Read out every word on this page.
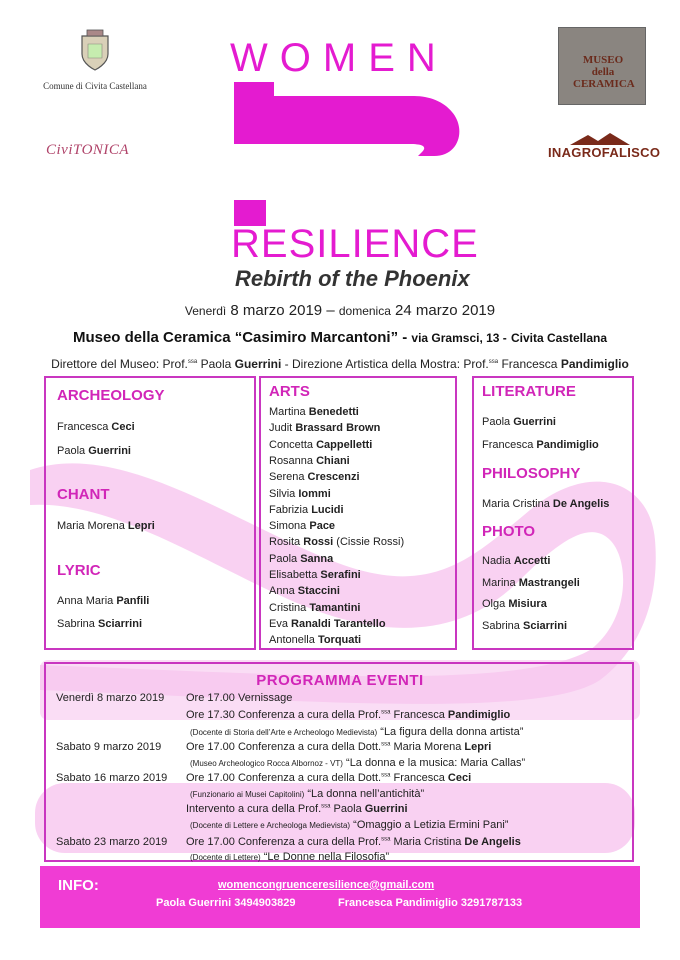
Comune di Civita Castellana
CiviTONICA
MUSEO della CERAMICA
INAGROFALISCO
WOMEN
RESILIENCE
Rebirth of the Phoenix
Venerdì 8 marzo 2019 – domenica 24 marzo 2019
Museo della Ceramica “Casimiro Marcantoni” - via Gramsci, 13 - Civita Castellana
Direttore del Museo: Prof.$^{ssa}$ Paola Guerrini - Direzione Artistica della Mostra: Prof.$^{ssa}$ Francesca Pandimiglio
ARCHEOLOGY
Francesca Ceci
Paola Guerrini
CHANT
Maria Morena Lepri
LYRIC
Anna Maria Panfili
Sabrina Sciarrini
ARTS
Martina Benedetti
Judit Brassard Brown
Concetta Cappelletti
Rosanna Chiani
Serena Crescenzi
Silvia Iommi
Fabrizia Lucidi
Simona Pace
Rosita Rossi (Cissie Rossi)
Paola Sanna
Elisabetta Serafini
Anna Staccini
Cristina Tamantini
Eva Ranaldi Tarantello
Antonella Torquati
LITERATURE
Paola Guerrini
Francesca Pandimiglio
PHILOSOPHY
Maria Cristina De Angelis
PHOTO
Nadia Accetti
Marina Mastrangeli
Olga Misiura
Sabrina Sciarrini
PROGRAMMA EVENTI
Venerdì 8 marzo 2019 Ore 17.00 Vernissage
Ore 17.30 Conferenza a cura della Prof.$^{ssa}$ Francesca Pandimiglio
(Docente di Storia dell’Arte e Archeologo Medievista) “La figura della donna artista”
Sabato 9 marzo 2019 Ore 17.00 Conferenza a cura della Dott.$^{ssa}$ Maria Morena Lepri
(Museo Archeologico Rocca Albornoz - VT) “La donna e la musica: Maria Callas”
Sabato 16 marzo 2019 Ore 17.00 Conferenza a cura della Dott.$^{ssa}$ Francesca Ceci
(Funzionario ai Musei Capitolini) “La donna nell’antichità”
Intervento a cura della Prof.$^{ssa}$ Paola Guerrini
(Docente di Lettere e Archeologa Medievista) “Omaggio a Letizia Ermini Pani”
Sabato 23 marzo 2019 Ore 17.00 Conferenza a cura della Prof.$^{ssa}$ Maria Cristina De Angelis
(Docente di Lettere) “Le Donne nella Filosofia”
INFO:	womencongruenceresilience@gmail.com
Paola Guerrini 3494903829	Francesca Pandimiglio 3291787133
